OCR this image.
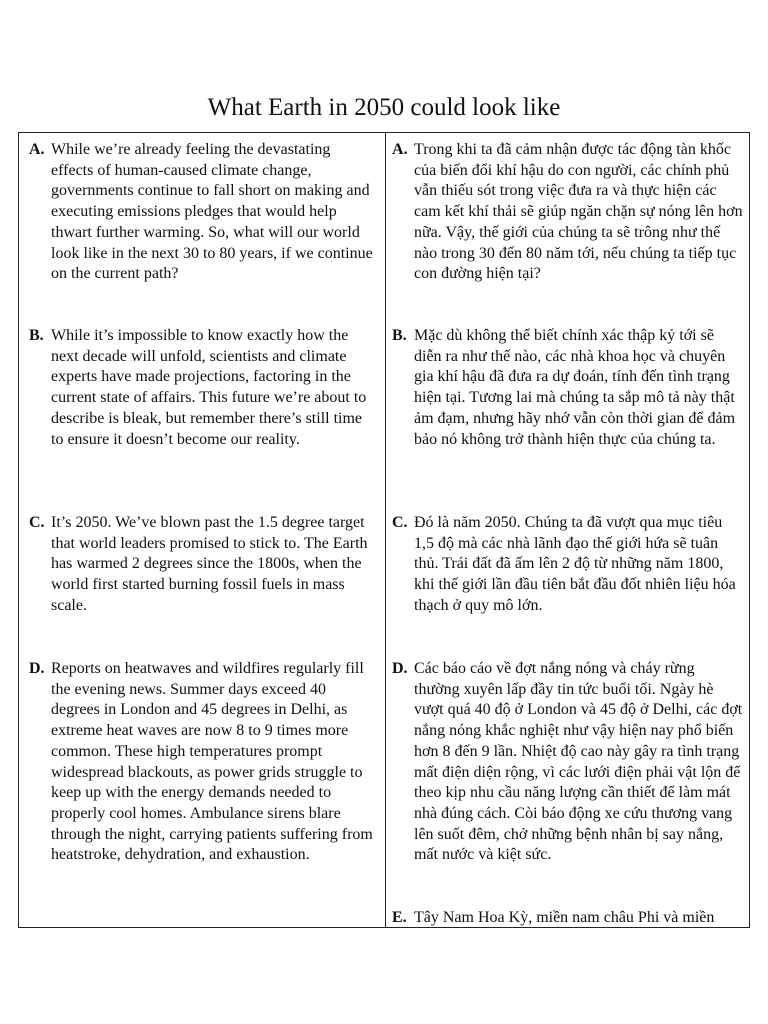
What Earth in 2050 could look like
A. While we’re already feeling the devastating effects of human-caused climate change, governments continue to fall short on making and executing emissions pledges that would help thwart further warming. So, what will our world look like in the next 30 to 80 years, if we continue on the current path?
B. While it’s impossible to know exactly how the next decade will unfold, scientists and climate experts have made projections, factoring in the current state of affairs. This future we’re about to describe is bleak, but remember there’s still time to ensure it doesn’t become our reality.
C. It’s 2050. We’ve blown past the 1.5 degree target that world leaders promised to stick to. The Earth has warmed 2 degrees since the 1800s, when the world first started burning fossil fuels in mass scale.
D. Reports on heatwaves and wildfires regularly fill the evening news. Summer days exceed 40 degrees in London and 45 degrees in Delhi, as extreme heat waves are now 8 to 9 times more common. These high temperatures prompt widespread blackouts, as power grids struggle to keep up with the energy demands needed to properly cool homes. Ambulance sirens blare through the night, carrying patients suffering from heatstroke, dehydration, and exhaustion.
A. Trong khi ta đã cảm nhận được tác động tàn khốc của biến đổi khí hậu do con người, các chính phủ vẫn thiếu sót trong việc đưa ra và thực hiện các cam kết khí thải sẽ giúp ngăn chặn sự nóng lên hơn nữa. Vậy, thế giới của chúng ta sẽ trông như thế nào trong 30 đến 80 năm tới, nếu chúng ta tiếp tục con đường hiện tại?
B. Mặc dù không thể biết chính xác thập kỷ tới sẽ diễn ra như thế nào, các nhà khoa học và chuyên gia khí hậu đã đưa ra dự đoán, tính đến tình trạng hiện tại. Tương lai mà chúng ta sắp mô tả này thật ảm đạm, nhưng hãy nhớ vẫn còn thời gian để đảm bảo nó không trở thành hiện thực của chúng ta.
C. Đó là năm 2050. Chúng ta đã vượt qua mục tiêu 1,5 độ mà các nhà lãnh đạo thế giới hứa sẽ tuân thủ. Trái đất đã ấm lên 2 độ từ những năm 1800, khi thế giới lần đầu tiên bắt đầu đốt nhiên liệu hóa thạch ở quy mô lớn.
D. Các báo cáo về đợt nắng nóng và cháy rừng thường xuyên lấp đầy tin tức buổi tối. Ngày hè vượt quá 40 độ ở London và 45 độ ở Delhi, các đợt nắng nóng khắc nghiệt như vậy hiện nay phổ biến hơn 8 đến 9 lần. Nhiệt độ cao này gây ra tình trạng mất điện diện rộng, vì các lưới điện phải vật lộn để theo kịp nhu cầu năng lượng cần thiết để làm mát nhà đúng cách. Còi báo động xe cứu thương vang lên suốt đêm, chở những bệnh nhân bị say nắng, mất nước và kiệt sức.
E. Tây Nam Hoa Kỳ, miền nam châu Phi và miền
